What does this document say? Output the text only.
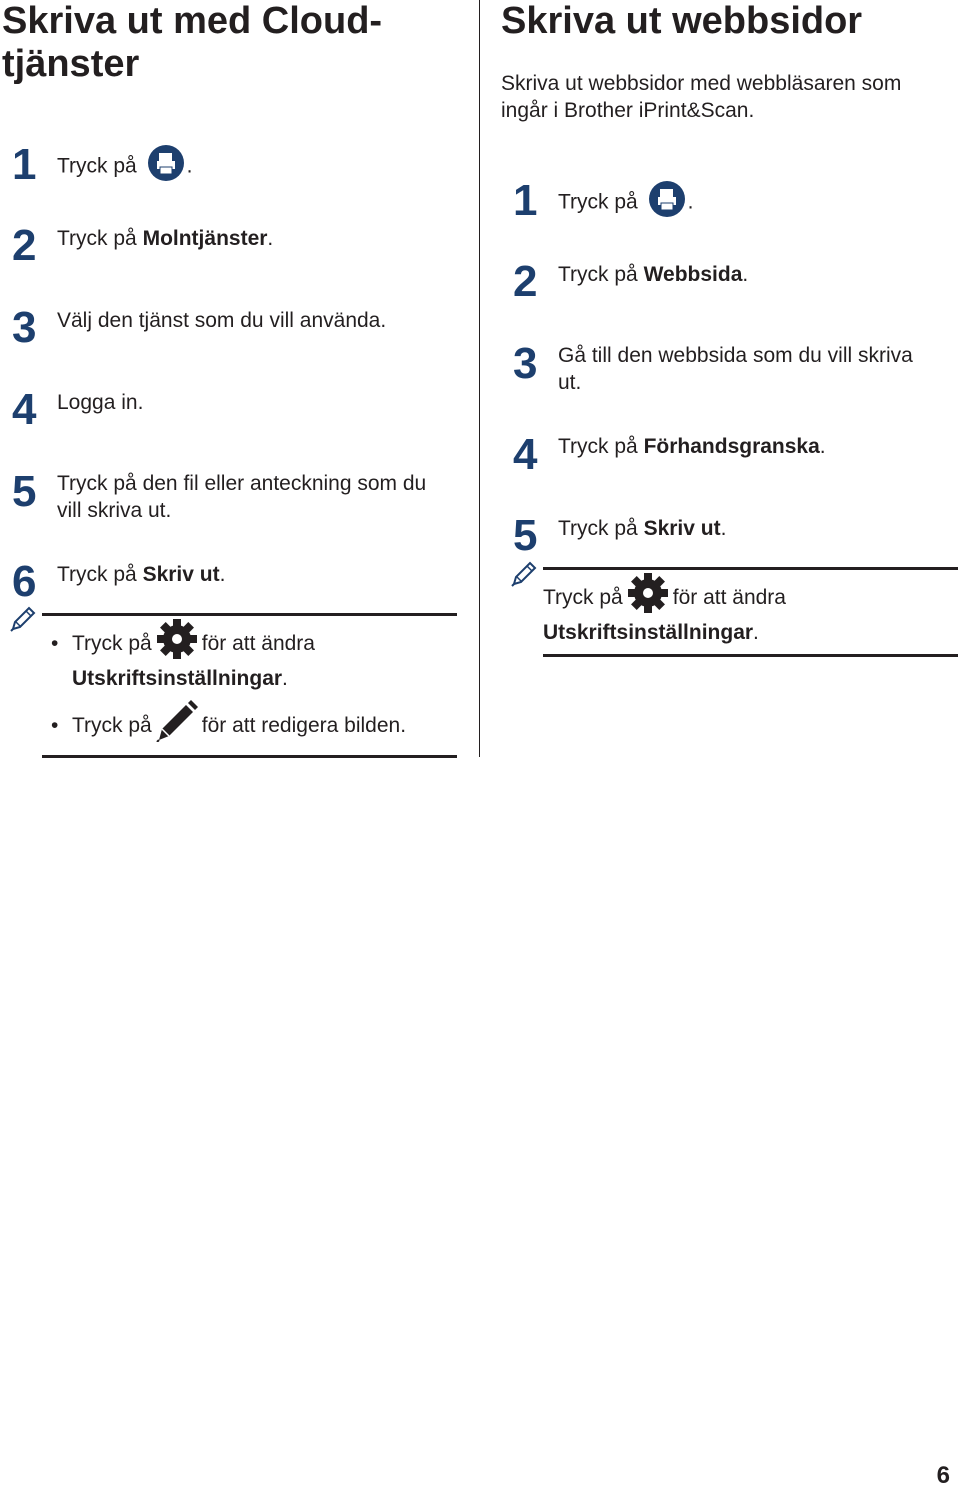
Skriva ut med Cloud-
tjänster
1 Tryck på .
2 Tryck på Molntjänster.
3 Välj den tjänst som du vill använda.
4 Logga in.
5 Tryck på den fil eller anteckning som du
vill skriva ut.
6 Tryck på Skriv ut.
• Tryck på för att ändra
Utskriftsinställningar.
• Tryck på för att redigera bilden.
Skriva ut webbsidor
Skriva ut webbsidor med webbläsaren som
ingår i Brother iPrint&Scan.
1 Tryck på .
2 Tryck på Webbsida.
3 Gå till den webbsida som du vill skriva
ut.
4 Tryck på Förhandsgranska.
5 Tryck på Skriv ut.
Tryck på för att ändra
Utskriftsinställningar.
6
